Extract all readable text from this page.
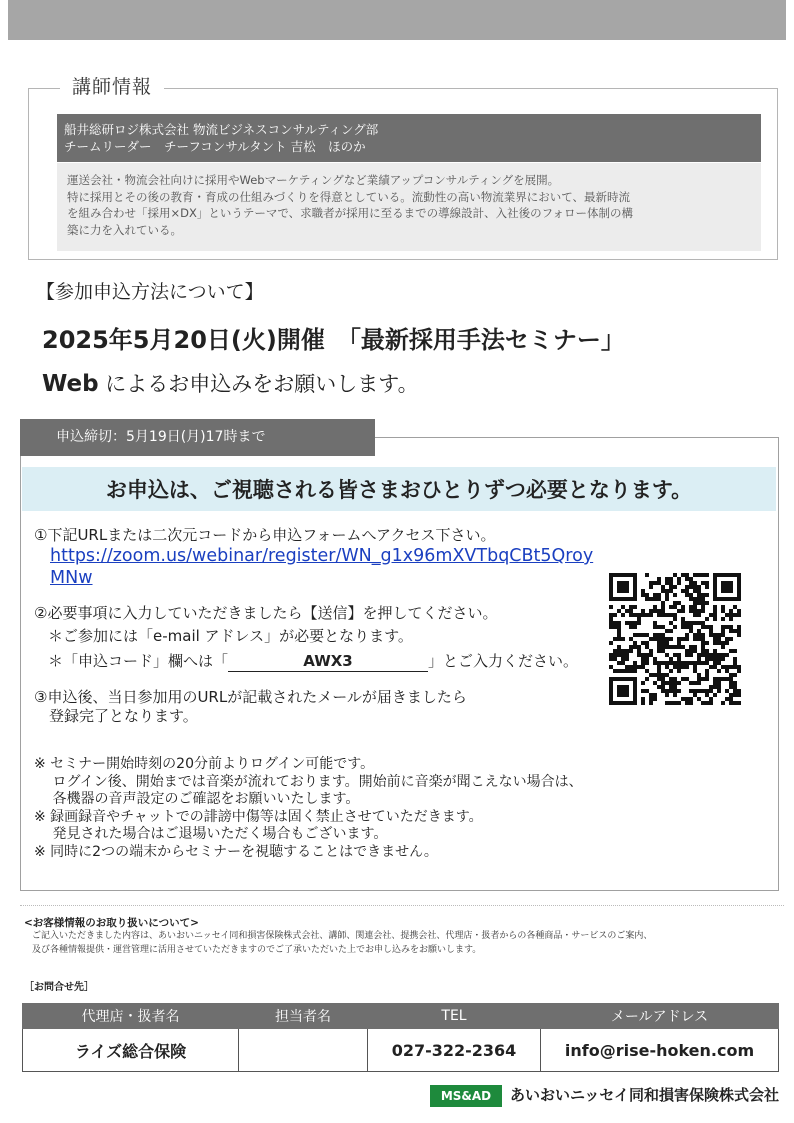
講師情報
船井総研ロジ株式会社 物流ビジネスコンサルティング部
チームリーダー　チーフコンサルタント 吉松　ほのか
運送会社・物流会社向けに採用やWebマーケティングなど業績アップコンサルティングを展開。
特に採用とその後の教育・育成の仕組みづくりを得意としている。流動性の高い物流業界において、最新時流
を組み合わせ「採用×DX」というテーマで、求職者が採用に至るまでの導線設計、入社後のフォロー体制の構
築に力を入れている。
【参加申込方法について】
2025年5月20日(火)開催　「最新採用手法セミナー」
Web によるお申込みをお願いします。
申込締切：5月19日(月)17時まで
お申込は、ご視聴される皆さまおひとりずつ必要となります。
①下記URLまたは二次元コードから申込フォームへアクセス下さい。
https://zoom.us/webinar/register/WN_g1x96mXVTbqCBt5QroyMNw
②必要事項に入力していただきましたら【送信】を押してください。
＊ご参加には「e-mail アドレス」が必要となります。
＊「申込コード」欄へは「	AWX3	」とご入力ください。
③申込後、当日参加用のURLが記載されたメールが届きましたら
　登録完了となります。
※ セミナー開始時刻の20分前よりログイン可能です。
　 ログイン後、開始までは音楽が流れております。開始前に音楽が聞こえない場合は、
　 各機器の音声設定のご確認をお願いいたします。
※ 録画録音やチャットでの誹謗中傷等は固く禁止させていただきます。
　 発見された場合はご退場いただく場合もございます。
※ 同時に2つの端末からセミナーを視聴することはできません。
<お客様情報のお取り扱いについて>
ご記入いただきました内容は、あいおいニッセイ同和損害保険株式会社、講師、関連会社、提携会社、代理店・扱者からの各種商品・サービスのご案内、
及び各種情報提供・運営管理に活用させていただきますのでご了承いただいた上でお申し込みをお願いします。
［お問合せ先］
代理店・扱者名	担当者名	TEL	メールアドレス
ライズ総合保険		027-322-2364	info@rise-hoken.com
MS&AD	あいおいニッセイ同和損害保険株式会社
